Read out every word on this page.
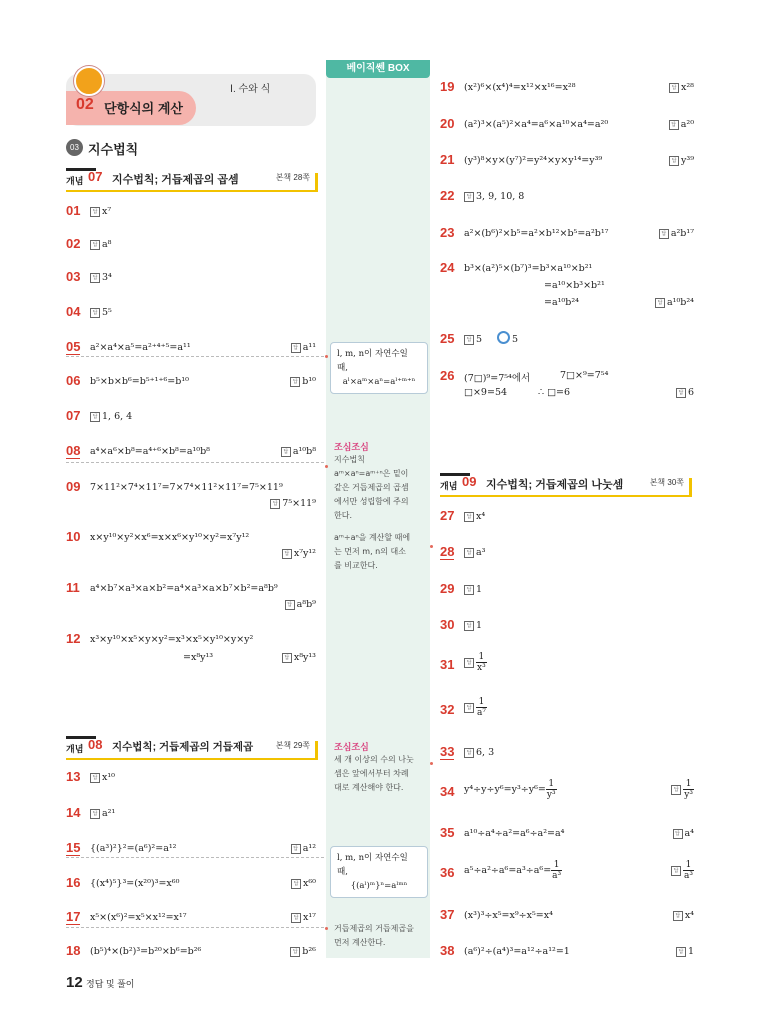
Ⅰ. 수와 식
02 단항식의 계산
03 지수법칙
개념 07 지수법칙; 거듭제곱의 곱셈	본책 28쪽
개념 08 지수법칙; 거듭제곱의 거듭제곱	본책 29쪽
개념 09 지수법칙; 거듭제곱의 나눗셈	본책 30쪽
베이직쎈 BOX
l, m, n이 자연수일 때,
aˡ×aᵐ×aⁿ=aˡ⁺ᵐ⁺ⁿ
조심조심
지수법칙
aᵐ×aⁿ=aᵐ⁺ⁿ은 밑이
같은 거듭제곱의 곱셈
에서만 성립함에 주의
한다.
aᵐ÷aⁿ을 계산할 때에
는 먼저 m, n의 대소
를 비교한다.
조심조심
세 개 이상의 수의 나눗
셈은 앞에서부터 차례
대로 계산해야 한다.
l, m, n이 자연수일 때,
{(aˡ)ᵐ}ⁿ=aˡᵐⁿ
거듭제곱의 거듭제곱을
먼저 계산한다.
01	답 x⁷
02	답 a⁸
03	답 3⁴
04	답 5⁵
05 a²×a⁴×a⁵=a²⁺⁴⁺⁵=a¹¹	답 a¹¹
06 b⁵×b×b⁶=b⁵⁺¹⁺⁶=b¹⁰	답 b¹⁰
07	답 1, 6, 4
08 a⁴×a⁶×b⁸=a⁴⁺⁶×b⁸=a¹⁰b⁸	답 a¹⁰b⁸
09 7×11²×7⁴×11⁷=7×7⁴×11²×11⁷=7⁵×11⁹
답 7⁵×11⁹
10 x×y¹⁰×y²×x⁶=x×x⁶×y¹⁰×y²=x⁷y¹²
답 x⁷y¹²
11 a⁴×b⁷×a³×a×b²=a⁴×a³×a×b⁷×b²=a⁸b⁹
답 a⁸b⁹
12 x³×y¹⁰×x⁵×y×y²=x³×x⁵×y¹⁰×y×y²
=x⁸y¹³	답 x⁸y¹³
13	답 x¹⁰
14	답 a²¹
15 {(a³)²}²=(a⁶)²=a¹²	답 a¹²
16 {(x⁴)⁵}³=(x²⁰)³=x⁶⁰	답 x⁶⁰
17 x⁵×(x⁶)²=x⁵×x¹²=x¹⁷	답 x¹⁷
18 (b⁵)⁴×(b²)³=b²⁰×b⁶=b²⁶	답 b²⁶
19 (x²)⁶×(x⁴)⁴=x¹²×x¹⁶=x²⁸	답 x²⁸
20 (a²)³×(a⁵)²×a⁴=a⁶×a¹⁰×a⁴=a²⁰	답 a²⁰
21 (y³)⁸×y×(y⁷)²=y²⁴×y×y¹⁴=y³⁹	답 y³⁹
22	답 3, 9, 10, 8
23 a²×(b⁶)²×b⁵=a²×b¹²×b⁵=a²b¹⁷	답 a²b¹⁷
24 b³×(a²)⁵×(b⁷)³=b³×a¹⁰×b²¹
=a¹⁰×b³×b²¹
=a¹⁰b²⁴	답 a¹⁰b²⁴
25	답 5	5
26 (7□)⁹=7⁵⁴에서	7□×⁹=7⁵⁴
□×9=54	∴ □=6	답 6
27	답 x⁴
28	답 a³
29	답 1
30	답 1
31	답 $\frac{1}{\text{x³}}$
32	답 $\frac{1}{\text{a⁷}}$
33	답 6, 3
34 $y^4\div y\div y^6=y^3\div y^6= \frac{1}{\text{y³}}$	답 $\frac{1}{\text{y³}}$
35 a¹⁰÷a⁴÷a²=a⁶÷a²=a⁴	답 a⁴
36 $a^5\div a^2\div a^6=a^3\div a^6= \frac{1}{\text{a³}}$	답 $\frac{1}{\text{a³}}$
37 (x³)³÷x⁵=x⁹÷x⁵=x⁴	답 x⁴
38 (a⁶)²÷(a⁴)³=a¹²÷a¹²=1	답 1
12 정답 및 풀이
